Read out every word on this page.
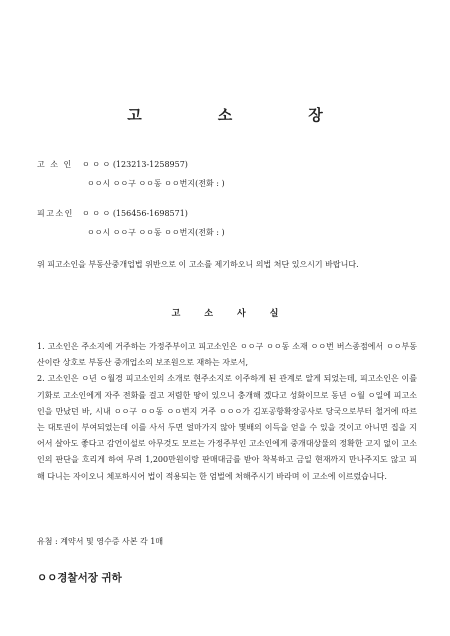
고	소	장
고 소 인 ㅇ ㅇ ㅇ (123213-1258957)
ㅇㅇ시 ㅇㅇ구 ㅇㅇ동 ㅇㅇ번지(전화 : )
피고소인 ㅇ ㅇ ㅇ (156456-1698571)
ㅇㅇ시 ㅇㅇ구 ㅇㅇ동 ㅇㅇ번지(전화 : )
위 피고소인을 부동산중개업법 위반으로 이 고소를 제기하오니 의법 처단 있으시기 바랍니다.
고	소	사	실

1. 고소인은 주소지에 거주하는 가정주부이고 피고소인은 ㅇㅇ구 ㅇㅇ동 소재 ㅇㅇ번 버스종점에서 ㅇㅇ부동산이란 상호로 부동산 중개업소의 보조원으로 재하는 자로서,

2. 고소인은 ㅇ년 ㅇ월경 피고소인의 소개로 현주소지로 이주하게 된 관계로 알게 되었는데, 피고소인은 이를 기화로 고소인에게 자주 전화를 걸고 저렴한 땅이 있으니 충개해 겠다고 성화이므로 동년 ㅇ월 ㅇ일에 피고소인을 만났던 바, 시내 ㅇㅇ구 ㅇㅇ동 ㅇㅇ번지 거주 ㅇㅇㅇ가 김포공항확장공사로 당국으로부터 철거에 따르는 대토권이 부여되었는데 이를 사서 두면 얼마가지 않아 몇배의 이득을 얻을 수 있을 것이고 아니면 집을 지어서 살아도 좋다고 감언이설로 아무것도 모르는 가정주부인 고소인에게 중개대상물의 정확한 고지 없이 고소인의 판단을 흐리게 하여 무려 1,200만원이랑 판매대금를 받아 착복하고 금일 현재까지 만나주지도 않고 피해 다니는 자이오니 체포하시어 법이 적용되는 한 엄벌에 처해주시기 바라며 이 고소에 이르렀습니다.

유첨 : 계약서 및 영수증 사본 각 1매
ㅇㅇ경찰서장 귀하
